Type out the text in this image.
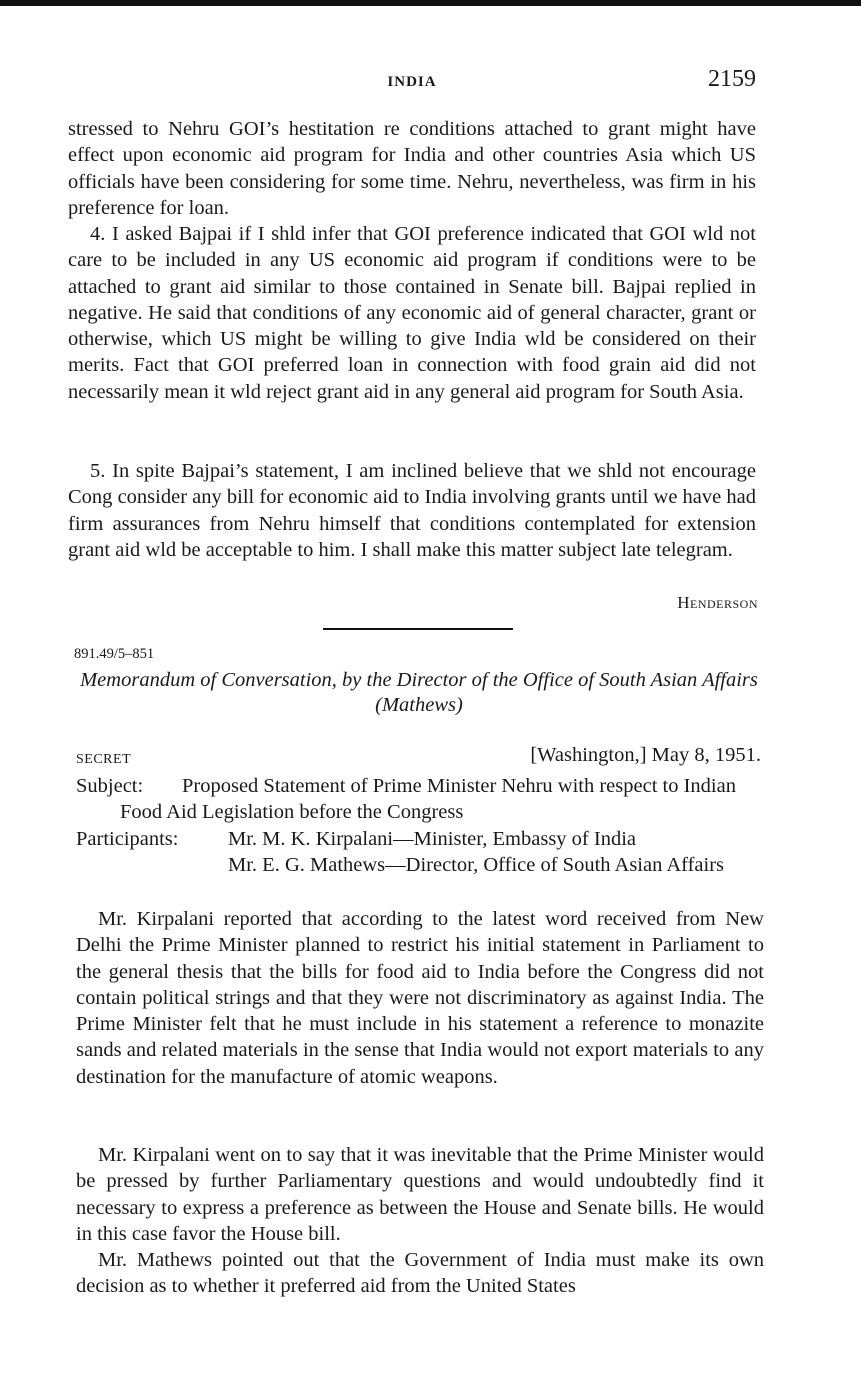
INDIA	2159
stressed to Nehru GOI’s hestitation re conditions attached to grant might have effect upon economic aid program for India and other countries Asia which US officials have been considering for some time. Nehru, nevertheless, was firm in his preference for loan.
4. I asked Bajpai if I shld infer that GOI preference indicated that GOI wld not care to be included in any US economic aid program if conditions were to be attached to grant aid similar to those contained in Senate bill. Bajpai replied in negative. He said that conditions of any economic aid of general character, grant or otherwise, which US might be willing to give India wld be considered on their merits. Fact that GOI preferred loan in connection with food grain aid did not necessarily mean it wld reject grant aid in any general aid program for South Asia.
5. In spite Bajpai’s statement, I am inclined believe that we shld not encourage Cong consider any bill for economic aid to India involving grants until we have had firm assurances from Nehru himself that conditions contemplated for extension grant aid wld be acceptable to him. I shall make this matter subject late telegram.
Henderson
891.49/5–851
Memorandum of Conversation, by the Director of the Office of South Asian Affairs (Mathews)
SECRET	[Washington,] May 8, 1951.
Subject:	Proposed Statement of Prime Minister Nehru with respect to Indian Food Aid Legislation before the Congress
Participants: Mr. M. K. Kirpalani—Minister, Embassy of India
Mr. E. G. Mathews—Director, Office of South Asian Affairs
Mr. Kirpalani reported that according to the latest word received from New Delhi the Prime Minister planned to restrict his initial statement in Parliament to the general thesis that the bills for food aid to India before the Congress did not contain political strings and that they were not discriminatory as against India. The Prime Minister felt that he must include in his statement a reference to monazite sands and related materials in the sense that India would not export materials to any destination for the manufacture of atomic weapons.
Mr. Kirpalani went on to say that it was inevitable that the Prime Minister would be pressed by further Parliamentary questions and would undoubtedly find it necessary to express a preference as between the House and Senate bills. He would in this case favor the House bill.
Mr. Mathews pointed out that the Government of India must make its own decision as to whether it preferred aid from the United States
